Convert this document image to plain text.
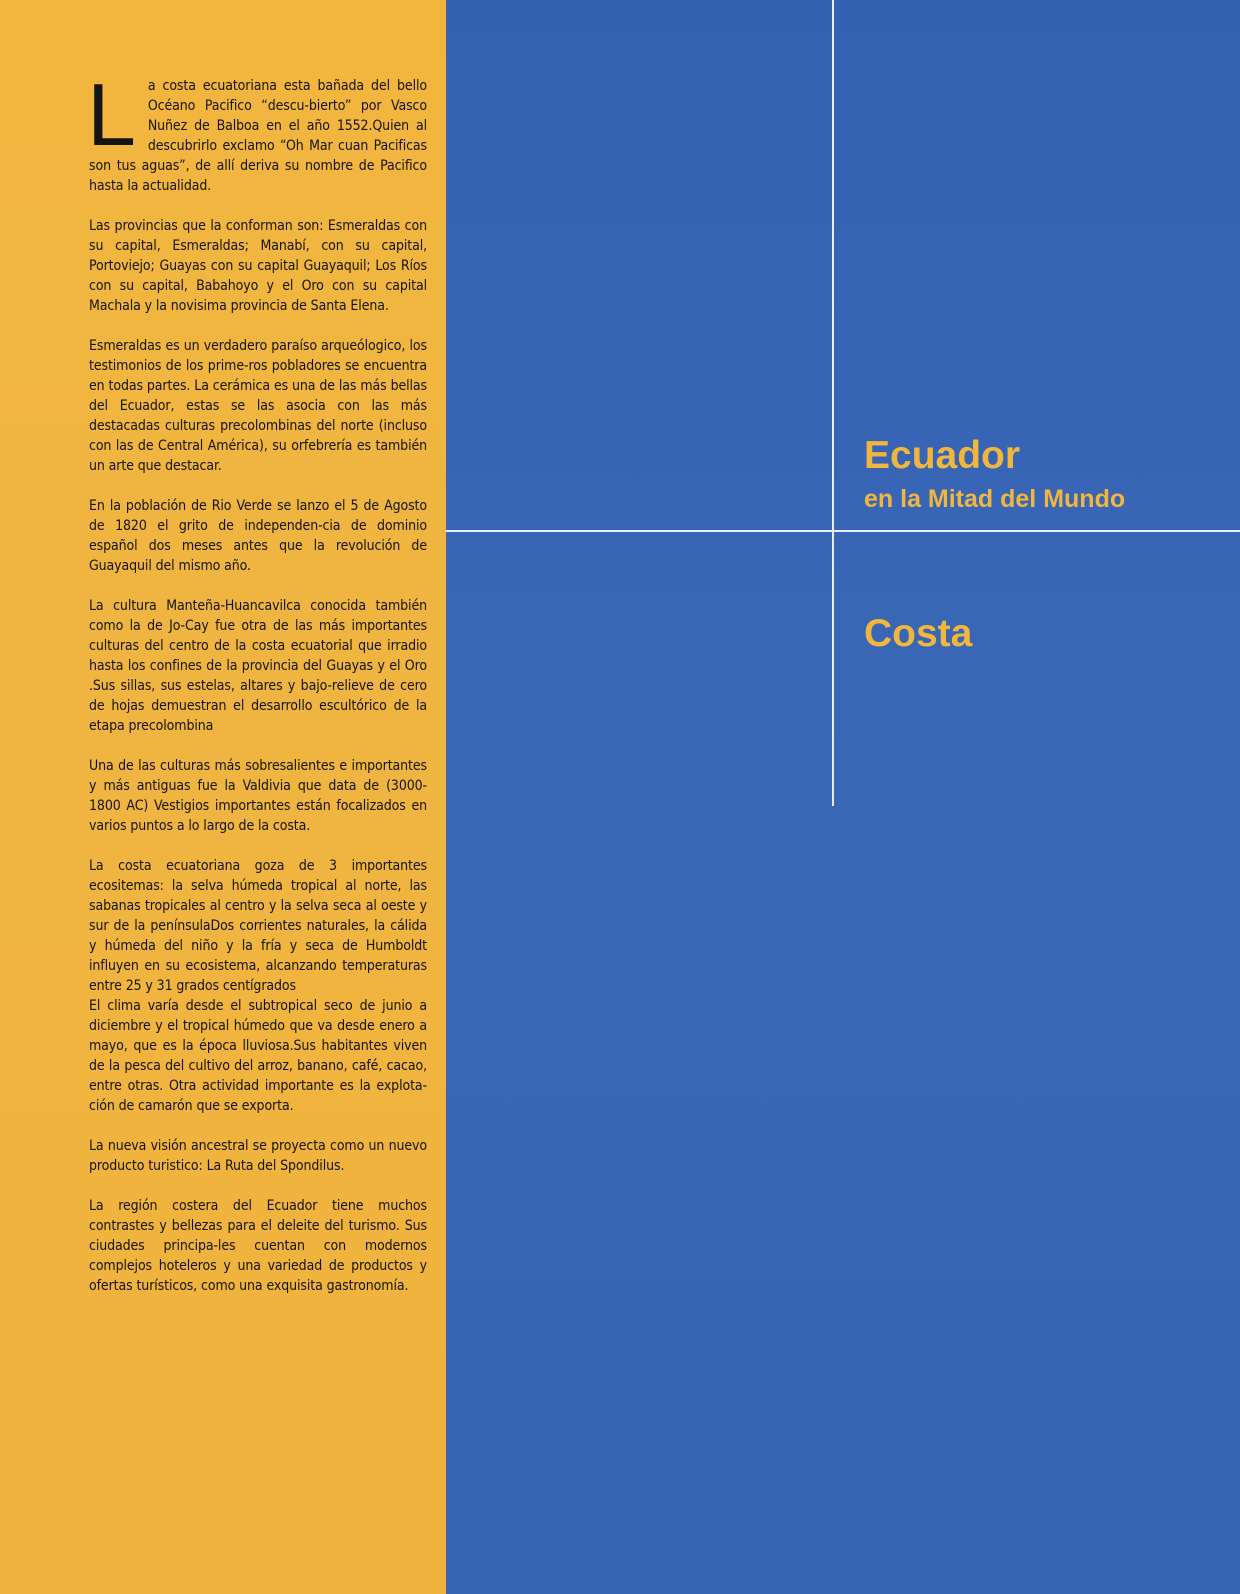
La costa ecuatoriana esta bañada del bello Océano Pacifico “descu-bierto” por Vasco Nuñez de Balboa en el año 1552.Quien al descubrirlo exclamo “Oh Mar cuan Pacificas son tus aguas”, de allí deriva su nombre de Pacifico hasta la actualidad.

Las provincias que la conforman son: Esmeraldas con su capital, Esmeraldas; Manabí, con su capital, Portoviejo; Guayas con su capital Guayaquil; Los Ríos con su capital, Babahoyo y el Oro con su capital Machala y la novisima provincia de Santa Elena.

Esmeraldas es un verdadero paraíso arqueólogico, los testimonios de los prime-ros pobladores se encuentra en todas partes. La cerámica es una de las más bellas del Ecuador, estas se las asocia con las más destacadas culturas precolombinas del norte (incluso con las de Central América), su orfebrería es también un arte que destacar.

En la población de Rio Verde se lanzo el 5 de Agosto de 1820 el grito de independen-cia de dominio español dos meses antes que la revolución de Guayaquil del mismo año.

La cultura Manteña-Huancavilca conocida también como la de Jo-Cay fue otra de las más importantes culturas del centro de la costa ecuatorial que irradio hasta los confines de la provincia del Guayas y el Oro .Sus sillas, sus estelas, altares y bajo-relieve de cero de hojas demuestran el desarrollo escultórico de la etapa precolombina

Una de las culturas más sobresalientes e importantes y más antiguas fue la Valdivia que data de (3000-1800 AC) Vestigios importantes están focalizados en varios puntos a lo largo de la costa.

La costa ecuatoriana goza de 3 importantes ecositemas: la selva húmeda tropical al norte, las sabanas tropicales al centro y la selva seca al oeste y sur de la penínsulaDos corrientes naturales, la cálida y húmeda del niño y la fría y seca de Humboldt influyen en su ecosistema, alcanzando temperaturas entre 25 y 31 grados centígrados

El clima varía desde el subtropical seco de junio a diciembre y el tropical húmedo que va desde enero a mayo, que es la época lluviosa.Sus habitantes viven de la pesca del cultivo del arroz, banano, café, cacao, entre otras. Otra actividad importante es la explota-ción de camarón que se exporta.

La nueva visión ancestral se proyecta como un nuevo producto turistico: La Ruta del Spondilus.

La región costera del Ecuador tiene muchos contrastes y bellezas para el deleite del turismo. Sus ciudades principa-les cuentan con modernos complejos hoteleros y una variedad de productos y ofertas turísticos, como una exquisita gastronomía.

Ecuador
en la Mitad del Mundo
Costa
